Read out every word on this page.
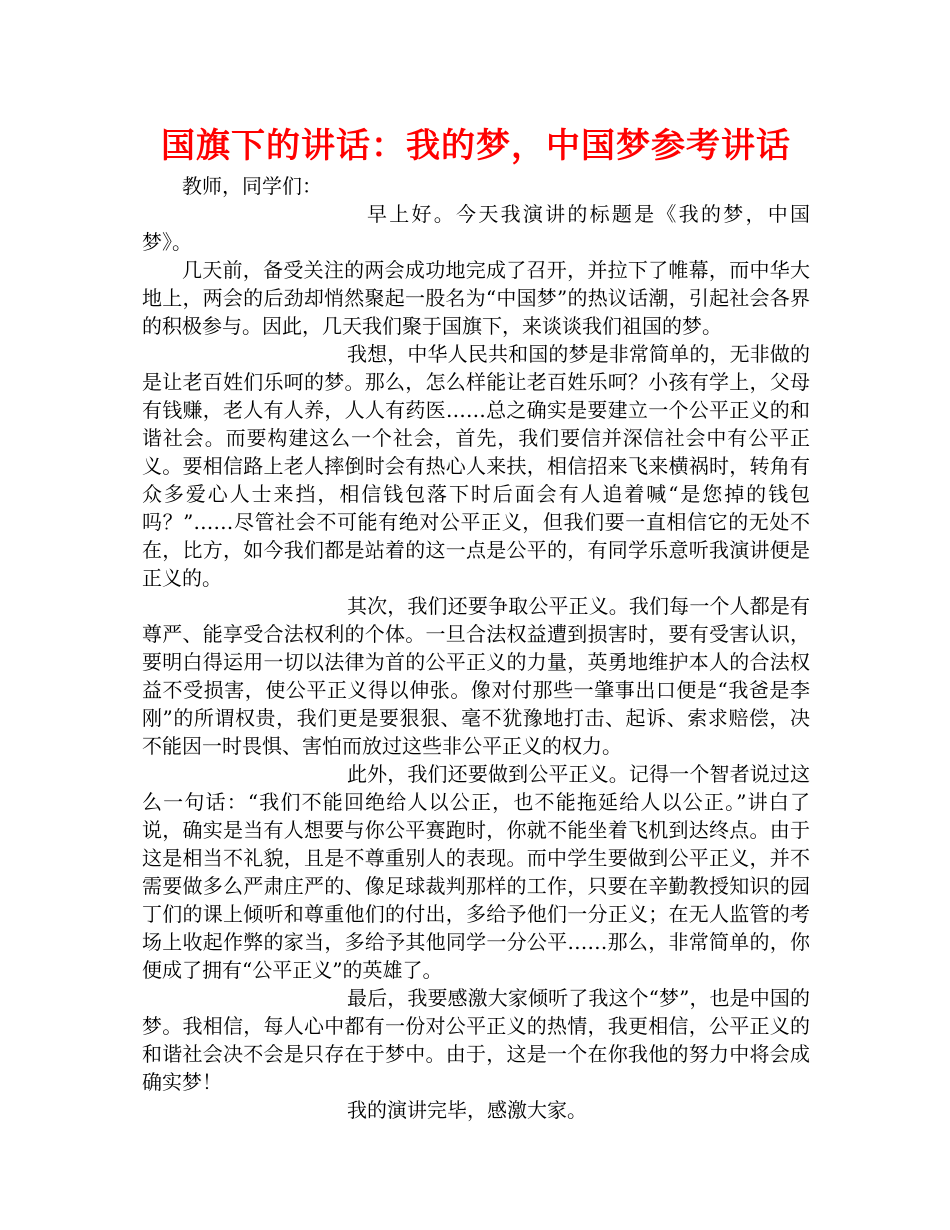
国旗下的讲话：我的梦，中国梦参考讲话

教师，同学们：

早上好。今天我演讲的标题是《我的梦，中国梦》。

几天前，备受关注的两会成功地完成了召开，并拉下了帷幕，而中华大地上，两会的后劲却悄然聚起一股名为“中国梦”的热议话潮，引起社会各界的积极参与。因此，几天我们聚于国旗下，来谈谈我们祖国的梦。

我想，中华人民共和国的梦是非常简单的，无非做的是让老百姓们乐呵的梦。那么，怎么样能让老百姓乐呵？小孩有学上，父母有钱赚，老人有人养，人人有药医……总之确实是要建立一个公平正义的和谐社会。而要构建这么一个社会，首先，我们要信并深信社会中有公平正义。要相信路上老人摔倒时会有热心人来扶，相信招来飞来横祸时，转角有众多爱心人士来挡，相信钱包落下时后面会有人追着喊“是您掉的钱包吗？”……尽管社会不可能有绝对公平正义，但我们要一直相信它的无处不在，比方，如今我们都是站着的这一点是公平的，有同学乐意听我演讲便是正义的。

其次，我们还要争取公平正义。我们每一个人都是有尊严、能享受合法权利的个体。一旦合法权益遭到损害时，要有受害认识，要明白得运用一切以法律为首的公平正义的力量，英勇地维护本人的合法权益不受损害，使公平正义得以伸张。像对付那些一肇事出口便是“我爸是李刚”的所谓权贵，我们更是要狠狠、毫不犹豫地打击、起诉、索求赔偿，决不能因一时畏惧、害怕而放过这些非公平正义的权力。

此外，我们还要做到公平正义。记得一个智者说过这么一句话：“我们不能回绝给人以公正，也不能拖延给人以公正。”讲白了说，确实是当有人想要与你公平赛跑时，你就不能坐着飞机到达终点。由于这是相当不礼貌，且是不尊重别人的表现。而中学生要做到公平正义，并不需要做多么严肃庄严的、像足球裁判那样的工作，只要在辛勤教授知识的园丁们的课上倾听和尊重他们的付出，多给予他们一分正义；在无人监管的考场上收起作弊的家当，多给予其他同学一分公平……那么，非常简单的，你便成了拥有“公平正义”的英雄了。

最后，我要感激大家倾听了我这个“梦”，也是中国的梦。我相信，每人心中都有一份对公平正义的热情，我更相信，公平正义的和谐社会决不会是只存在于梦中。由于，这是一个在你我他的努力中将会成确实梦！

我的演讲完毕，感激大家。
